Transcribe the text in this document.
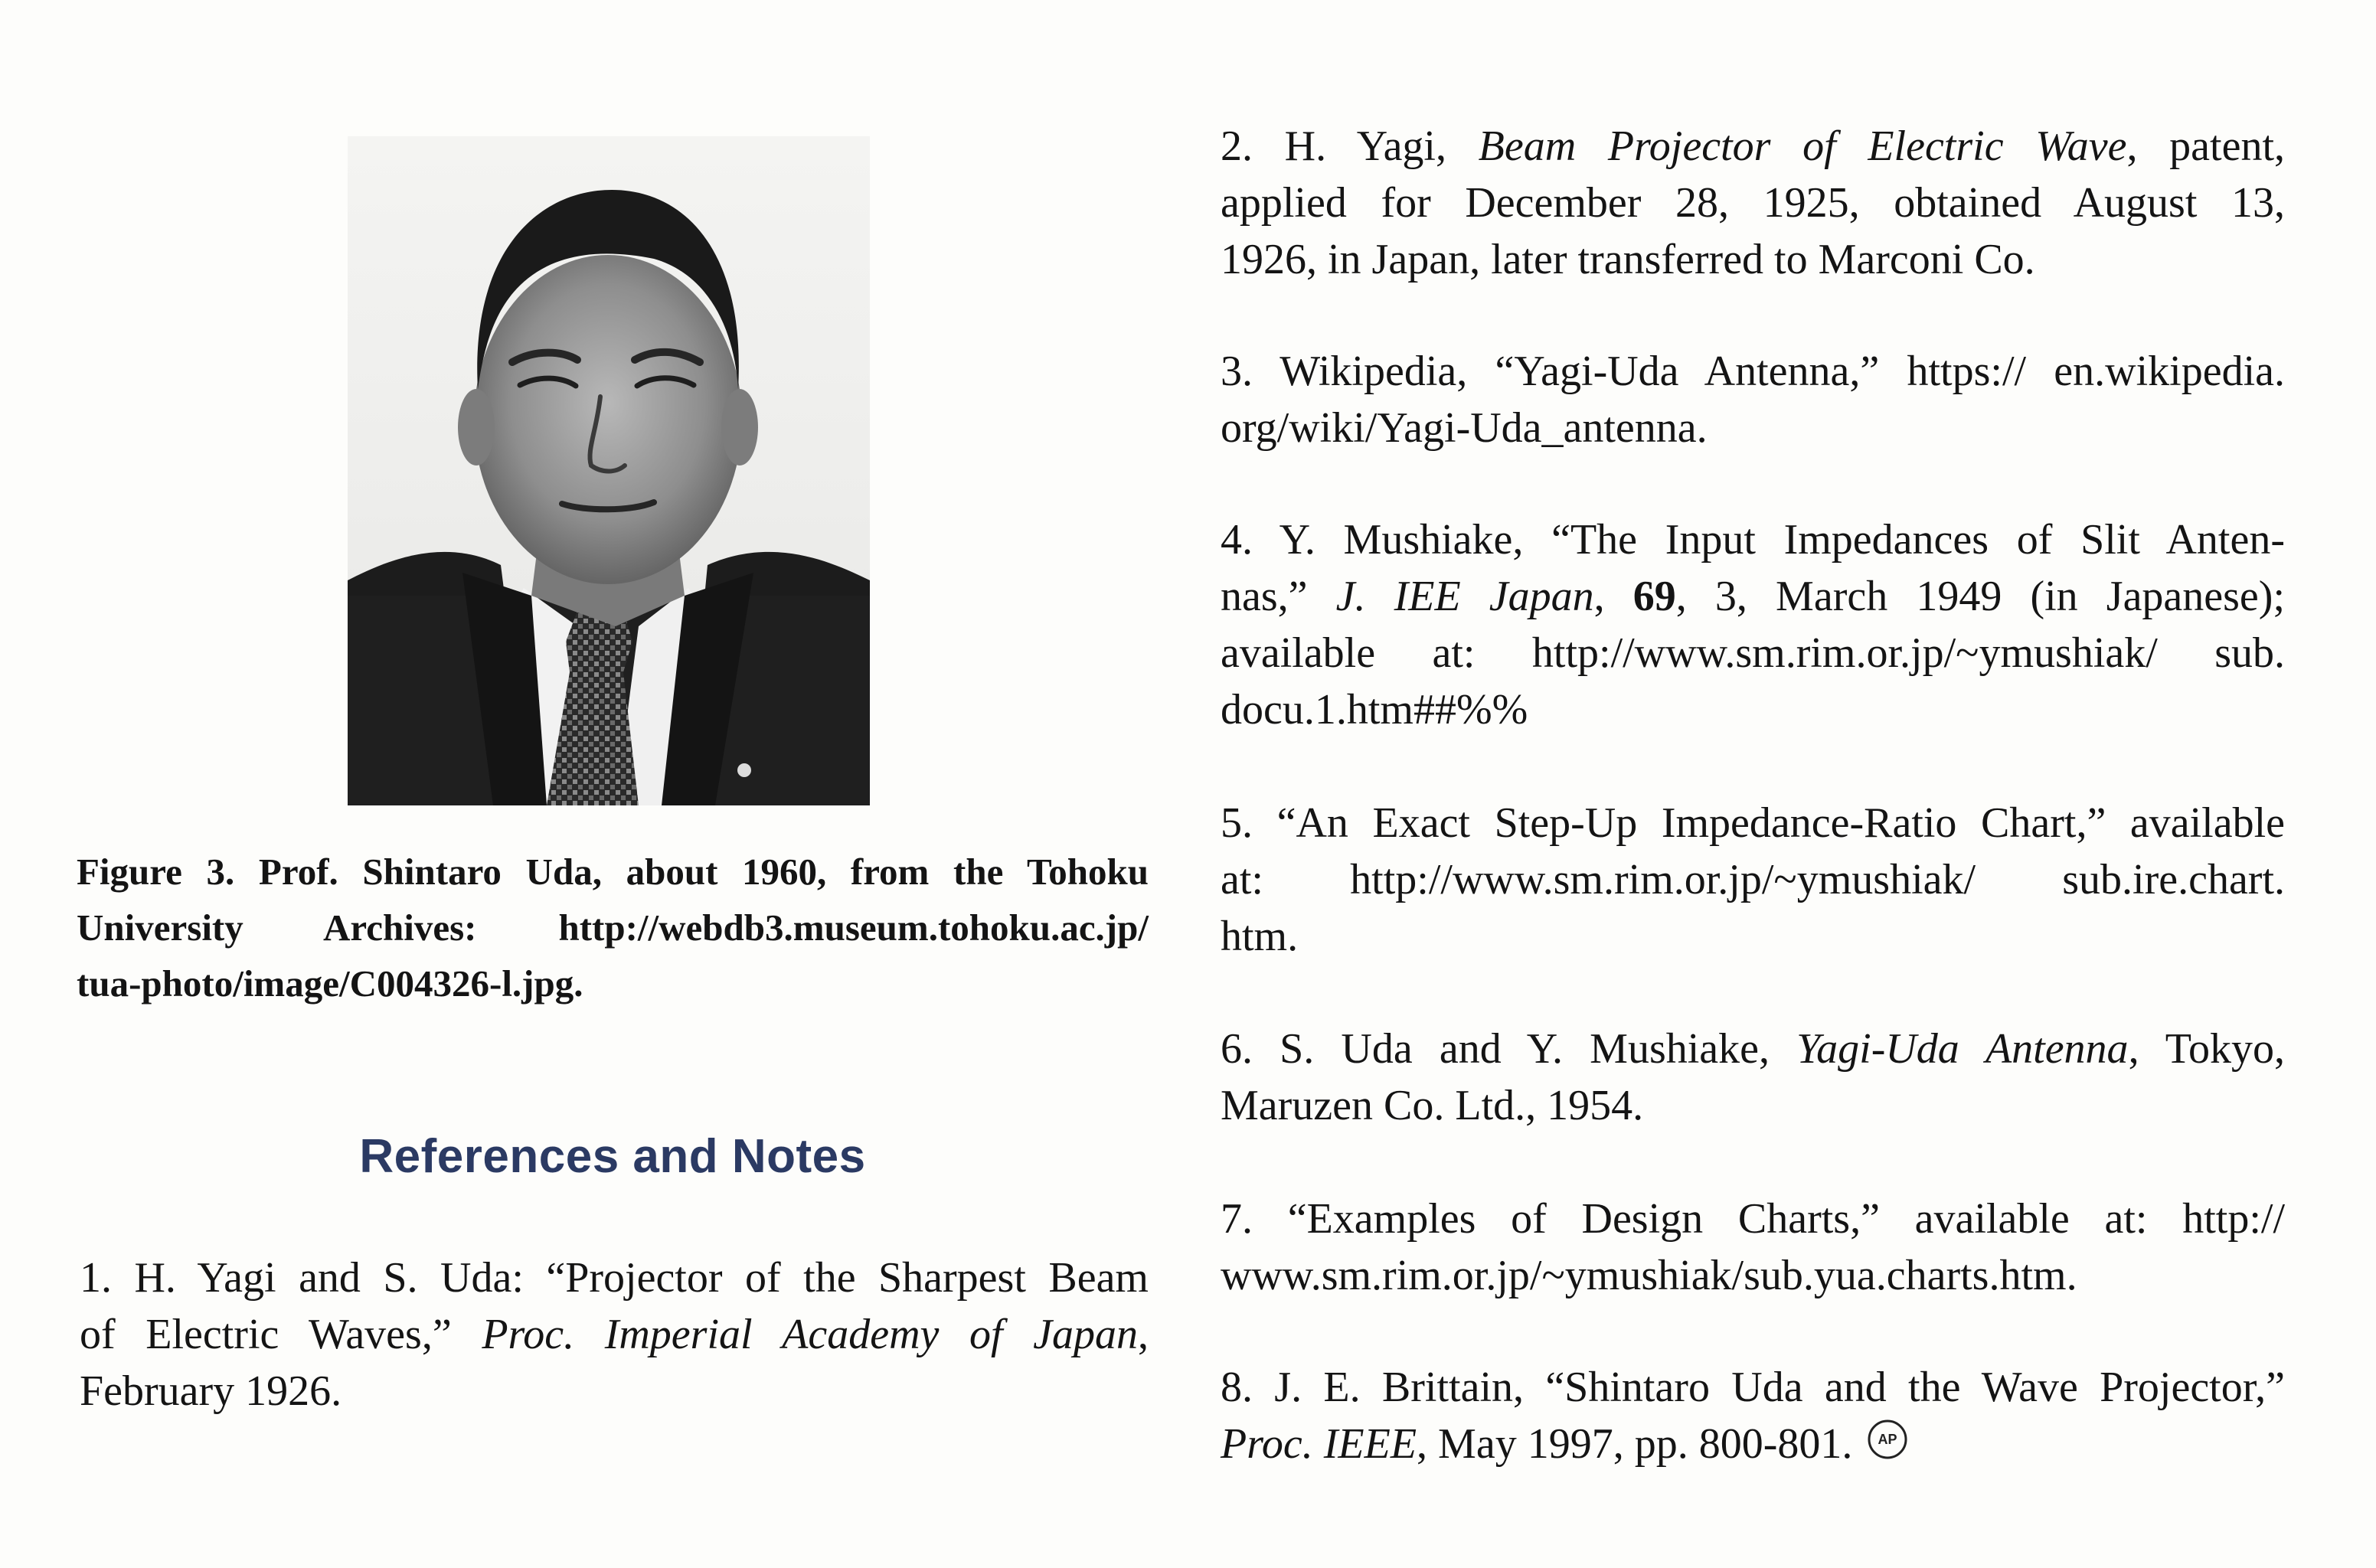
Figure 3. Prof. Shintaro Uda, about 1960, from the Tohoku
University Archives: http://webdb3.museum.tohoku.ac.jp/
tua-photo/image/C004326-l.jpg.
References and Notes
1. H. Yagi and S. Uda: “Projector of the Sharpest Beam
of Electric Waves,” Proc. Imperial Academy of Japan,
February 1926.
2. H. Yagi, Beam Projector of Electric Wave, patent,
applied for December 28, 1925, obtained August 13,
1926, in Japan, later transferred to Marconi Co.
3. Wikipedia, “Yagi-Uda Antenna,” https:// en.wikipedia.
org/wiki/Yagi-Uda_antenna.
4. Y. Mushiake, “The Input Impedances of Slit Anten-
nas,” J. IEE Japan, 69, 3, March 1949 (in Japanese);
available at: http://www.sm.rim.or.jp/~ymushiak/ sub.
docu.1.htm##%%
5. “An Exact Step-Up Impedance-Ratio Chart,” available
at: http://www.sm.rim.or.jp/~ymushiak/ sub.ire.chart.
htm.
6. S. Uda and Y. Mushiake, Yagi-Uda Antenna, Tokyo,
Maruzen Co. Ltd., 1954.
7. “Examples of Design Charts,” available at: http://
www.sm.rim.or.jp/~ymushiak/sub.yua.charts.htm.
8. J. E. Brittain, “Shintaro Uda and the Wave Projector,”
Proc. IEEE, May 1997, pp. 800-801. AP
